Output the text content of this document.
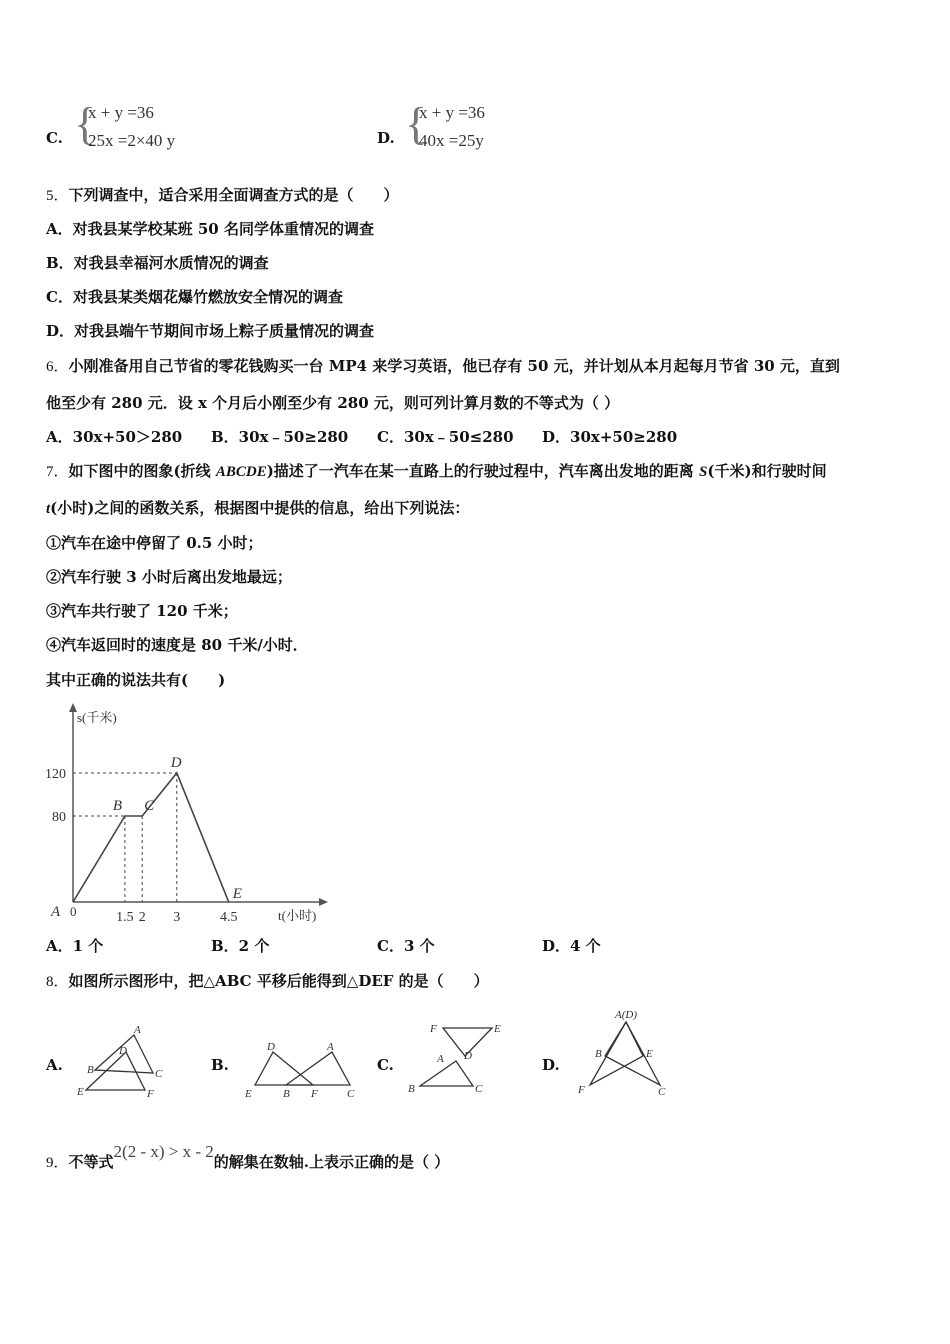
C. {
x + y =36
25x =2×40 y	D. {
x + y =36
40x =25y
5．下列调查中，适合采用全面调查方式的是（　　）
A．对我县某学校某班 50 名同学体重情况的调查
B．对我县幸福河水质情况的调查
C．对我县某类烟花爆竹燃放安全情况的调查
D．对我县端午节期间市场上粽子质量情况的调查
6．小刚准备用自己节省的零花钱购买一台 MP4 来学习英语，他已存有 50 元，并计划从本月起每月节省 30 元，直到
他至少有 280 元．设 x 个月后小刚至少有 280 元，则可列计算月数的不等式为（ ）
A．30x+50＞280 B．30x﹣50≥280 C．30x﹣50≤280 D．30x+50≥280
7．如下图中的图象(折线 ABCDE)描述了一汽车在某一直路上的行驶过程中，汽车离出发地的距离 S(千米)和行驶时间
t(小时)之间的函数关系，根据图中提供的信息，给出下列说法：
①汽车在途中停留了 0.5 小时；
②汽车行驶 3 小时后离出发地最远；
③汽车共行驶了 120 千米；
④汽车返回时的速度是 80 千米/小时．
其中正确的说法共有(　　)
s(千米)
t(小时)
0
A
B C
D
E
1.5 2 3	4.5
80
120
A．1 个	B．2 个	C．3 个	D．4 个
8．如图所示图形中，把△ABC 平移后能得到△DEF 的是（　　）
A.
A
D
B	C
E	F
B.
D	A
E	B F	C
C.
F	E
D
A
B	C
D.
A(D)
B	E
F	C
9．不等式2(2 - x) > x - 2的解集在数轴.上表示正确的是（ ）
